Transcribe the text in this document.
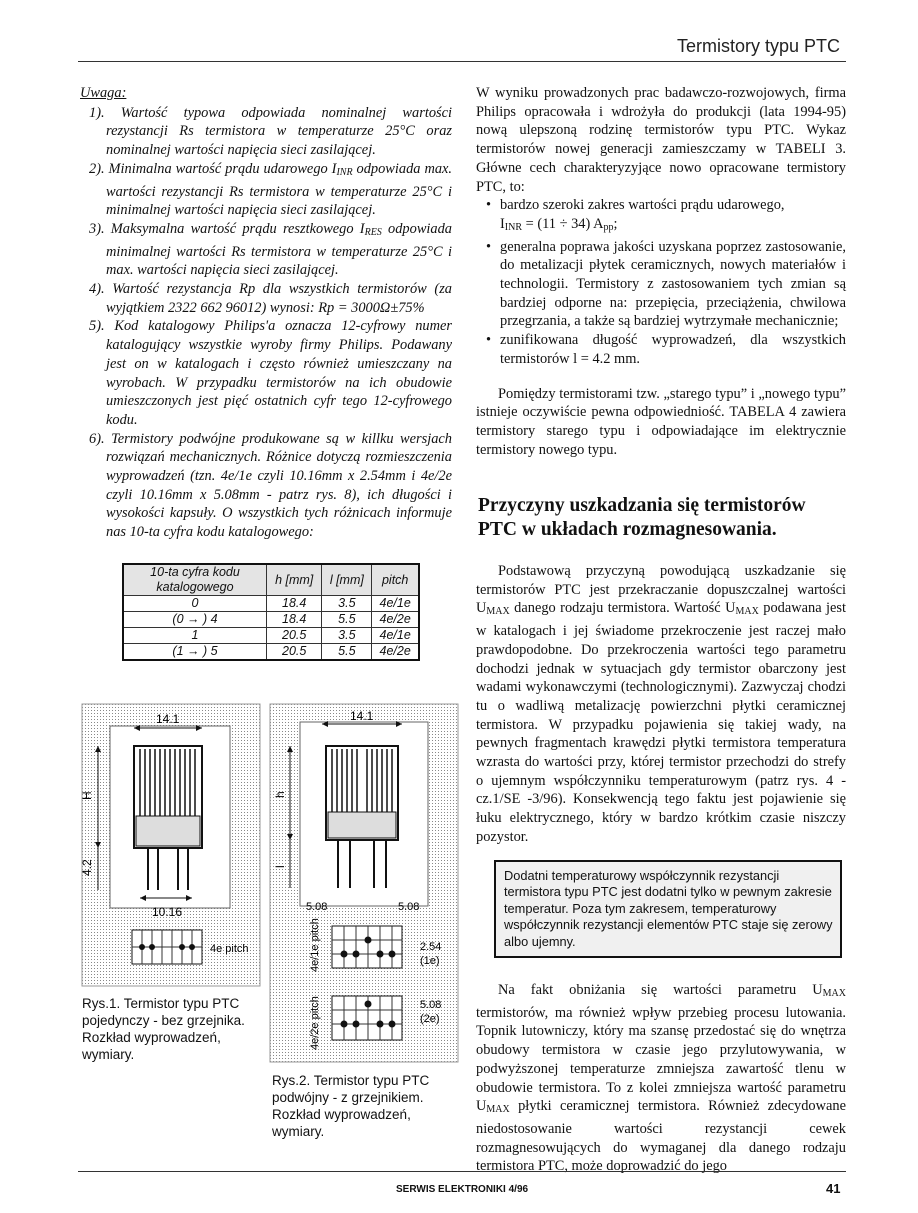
Termistory typu PTC
Uwaga:

1). Wartość typowa odpowiada nominalnej wartości rezystancji Rs termistora w temperaturze 25°C oraz nominalnej wartości napięcia sieci zasilającej.

2). Minimalna wartość prądu udarowego $I_{INR}$ odpowiada max. wartości rezystancji Rs termistora w temperaturze 25°C i minimalnej wartości napięcia sieci zasilającej.

3). Maksymalna wartość prądu resztkowego $I_{RES}$ odpowiada minimalnej wartości Rs termistora w temperaturze 25°C i max. wartości napięcia sieci zasilającej.

4). Wartość rezystancja Rp dla wszystkich termistorów (za wyjątkiem 2322 662 96012) wynosi: Rp = 3000Ω±75%

5). Kod katalogowy Philips'a oznacza 12-cyfrowy numer katalogujący wszystkie wyroby firmy Philips. Podawany jest on w katalogach i często również umieszczany na wyrobach. W przypadku termistorów na ich obudowie umieszczonych jest pięć ostatnich cyfr tego 12-cyfrowego kodu.

6). Termistory podwójne produkowane są w killku wersjach rozwiązań mechanicznych. Różnice dotyczą rozmieszczenia wyprowadzeń (tzn. 4e/1e czyli 10.16mm x 2.54mm i 4e/2e czyli 10.16mm x 5.08mm - patrz rys. 8), ich długości i wysokości kapsuły. O wszystkich tych różnicach informuje nas 10-ta cyfra kodu katalogowego:

10-ta cyfra kodu katalogowego	h [mm]	l [mm]	pitch
0	18.4	3.5	4e/1e
(0 → ) 4	18.4	5.5	4e/2e
1	20.5	3.5	4e/1e
(1 → ) 5	20.5	5.5	4e/2e
14.1
H
4.2
10.16
4e pitch
Rys.1. Termistor typu PTC pojedynczy - bez grzejnika. Rozkład wyprowadzeń, wymiary.
14.1
h
l
5.08	5.08
4e/1e pitch	2.54
(1e)
4e/2e pitch	5.08
(2e)
Rys.2. Termistor typu PTC podwójny - z grzejnikiem. Rozkład wyprowadzeń, wymiary.

W wyniku prowadzonych prac badawczo-rozwojowych, firma Philips opracowała i wdrożyła do produkcji (lata 1994-95) nową ulepszoną rodzinę termistorów typu PTC. Wykaz termistorów nowej generacji zamieszczamy w TABELI 3. Główne cech charakteryzyjące nowo opracowane termistory PTC, to:

• bardzo szeroki zakres wartości prądu udarowego,
$I_{INR} = (11 \div 34)$ $A_{pp}$;
• generalna poprawa jakości uzyskana poprzez zastosowanie, do metalizacji płytek ceramicznych, nowych materiałów i technologii. Termistory z zastosowaniem tych zmian są bardziej odporne na: przepięcia, przeciążenia, chwilowa przegrzania, a także są bardziej wytrzymałe mechanicznie;
• zunifikowana długość wyprowadzeń, dla wszystkich termistorów l = 4.2 mm.

Pomiędzy termistorami tzw. „starego typu” i „nowego typu” istnieje oczywiście pewna odpowiedniość. TABELA 4 zawiera termistory starego typu i odpowiadające im elektrycznie termistory nowego typu.

Przyczyny uszkadzania się termistorów PTC w układach rozmagnesowania.

Podstawową przyczyną powodującą uszkadzanie się termistorów PTC jest przekraczanie dopuszczalnej wartości $U_{MAX}$ danego rodzaju termistora. Wartość $U_{MAX}$ podawana jest w katalogach i jej świadome przekroczenie jest raczej mało prawdopodobne. Do przekroczenia wartości tego parametru dochodzi jednak w sytuacjach gdy termistor obarczony jest wadami wykonawczymi (technologicznymi). Zazwyczaj chodzi tu o wadliwą metalizację powierzchni płytki ceramicznej termistora. W przypadku pojawienia się takiej wady, na pewnych fragmentach krawędzi płytki termistora temperatura wzrasta do wartości przy, której termistor przechodzi do strefy o ujemnym współczynniku temperaturowym (patrz rys. 4 - cz.1/SE -3/96). Konsekwencją tego faktu jest pojawienie się łuku elektrycznego, który w bardzo krótkim czasie niszczy pozystor.

Dodatni temperaturowy współczynnik rezystancji termistora typu PTC jest dodatni tylko w pewnym zakresie temperatur. Poza tym zakresem, temperaturowy współczynnik rezystancji elementów PTC staje się zerowy albo ujemny.

Na fakt obniżania się wartości parametru $U_{MAX}$ termistorów, ma również wpływ przebieg procesu lutowania. Topnik lutowniczy, który ma szansę przedostać się do wnętrza obudowy termistora w czasie jego przylutowywania, w podwyższonej temperaturze zmniejsza zawartość tlenu w obudowie termistora. To z kolei zmniejsza wartość parametru $U_{MAX}$ płytki ceramicznej termistora. Również zdecydowane niedostosowanie wartości rezystancji cewek rozmagnesowujących do wymaganej dla danego rodzaju termistora PTC, może doprowadzić do jego

SERWIS ELEKTRONIKI 4/96	41
